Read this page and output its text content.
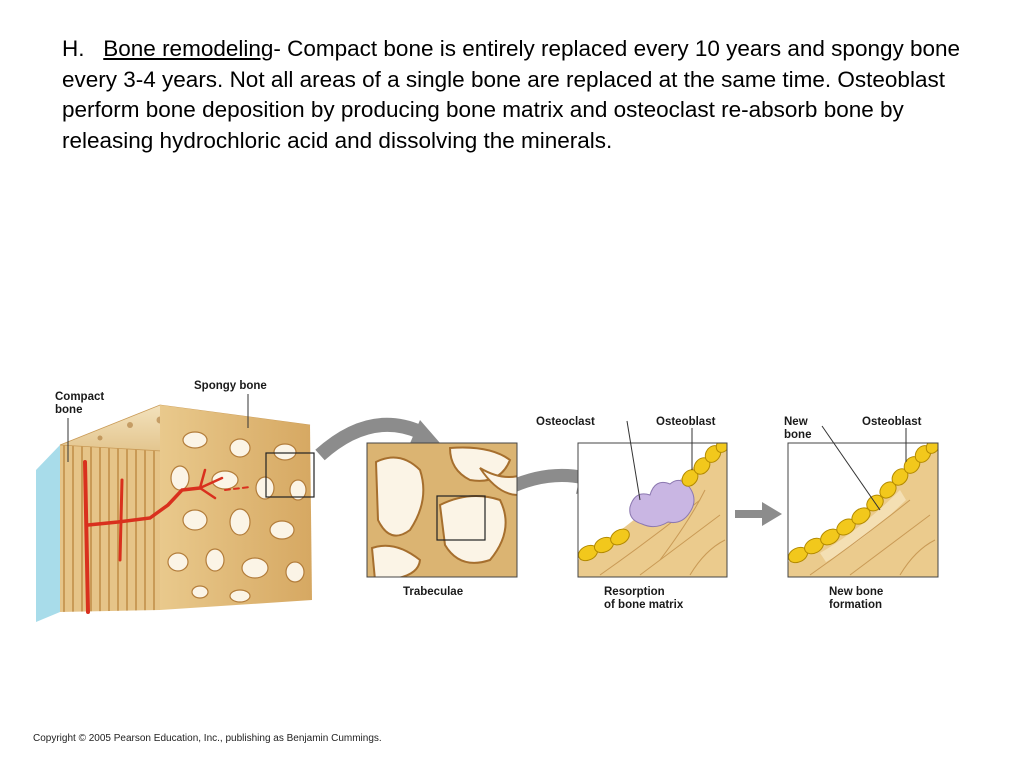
H. Bone remodeling- Compact bone is entirely replaced every 10 years and spongy bone every 3-4 years. Not all areas of a single bone are replaced at the same time. Osteoblast perform bone deposition by producing bone matrix and osteoclast re-absorb bone by releasing hydrochloric acid and dissolving the minerals.

Compact
bone
Spongy bone
Osteoclast	Osteoblast	New
bone
Osteoblast
Trabeculae	Resorption
of bone matrix
New bone
formation
Copyright © 2005 Pearson Education, Inc., publishing as Benjamin Cummings.
